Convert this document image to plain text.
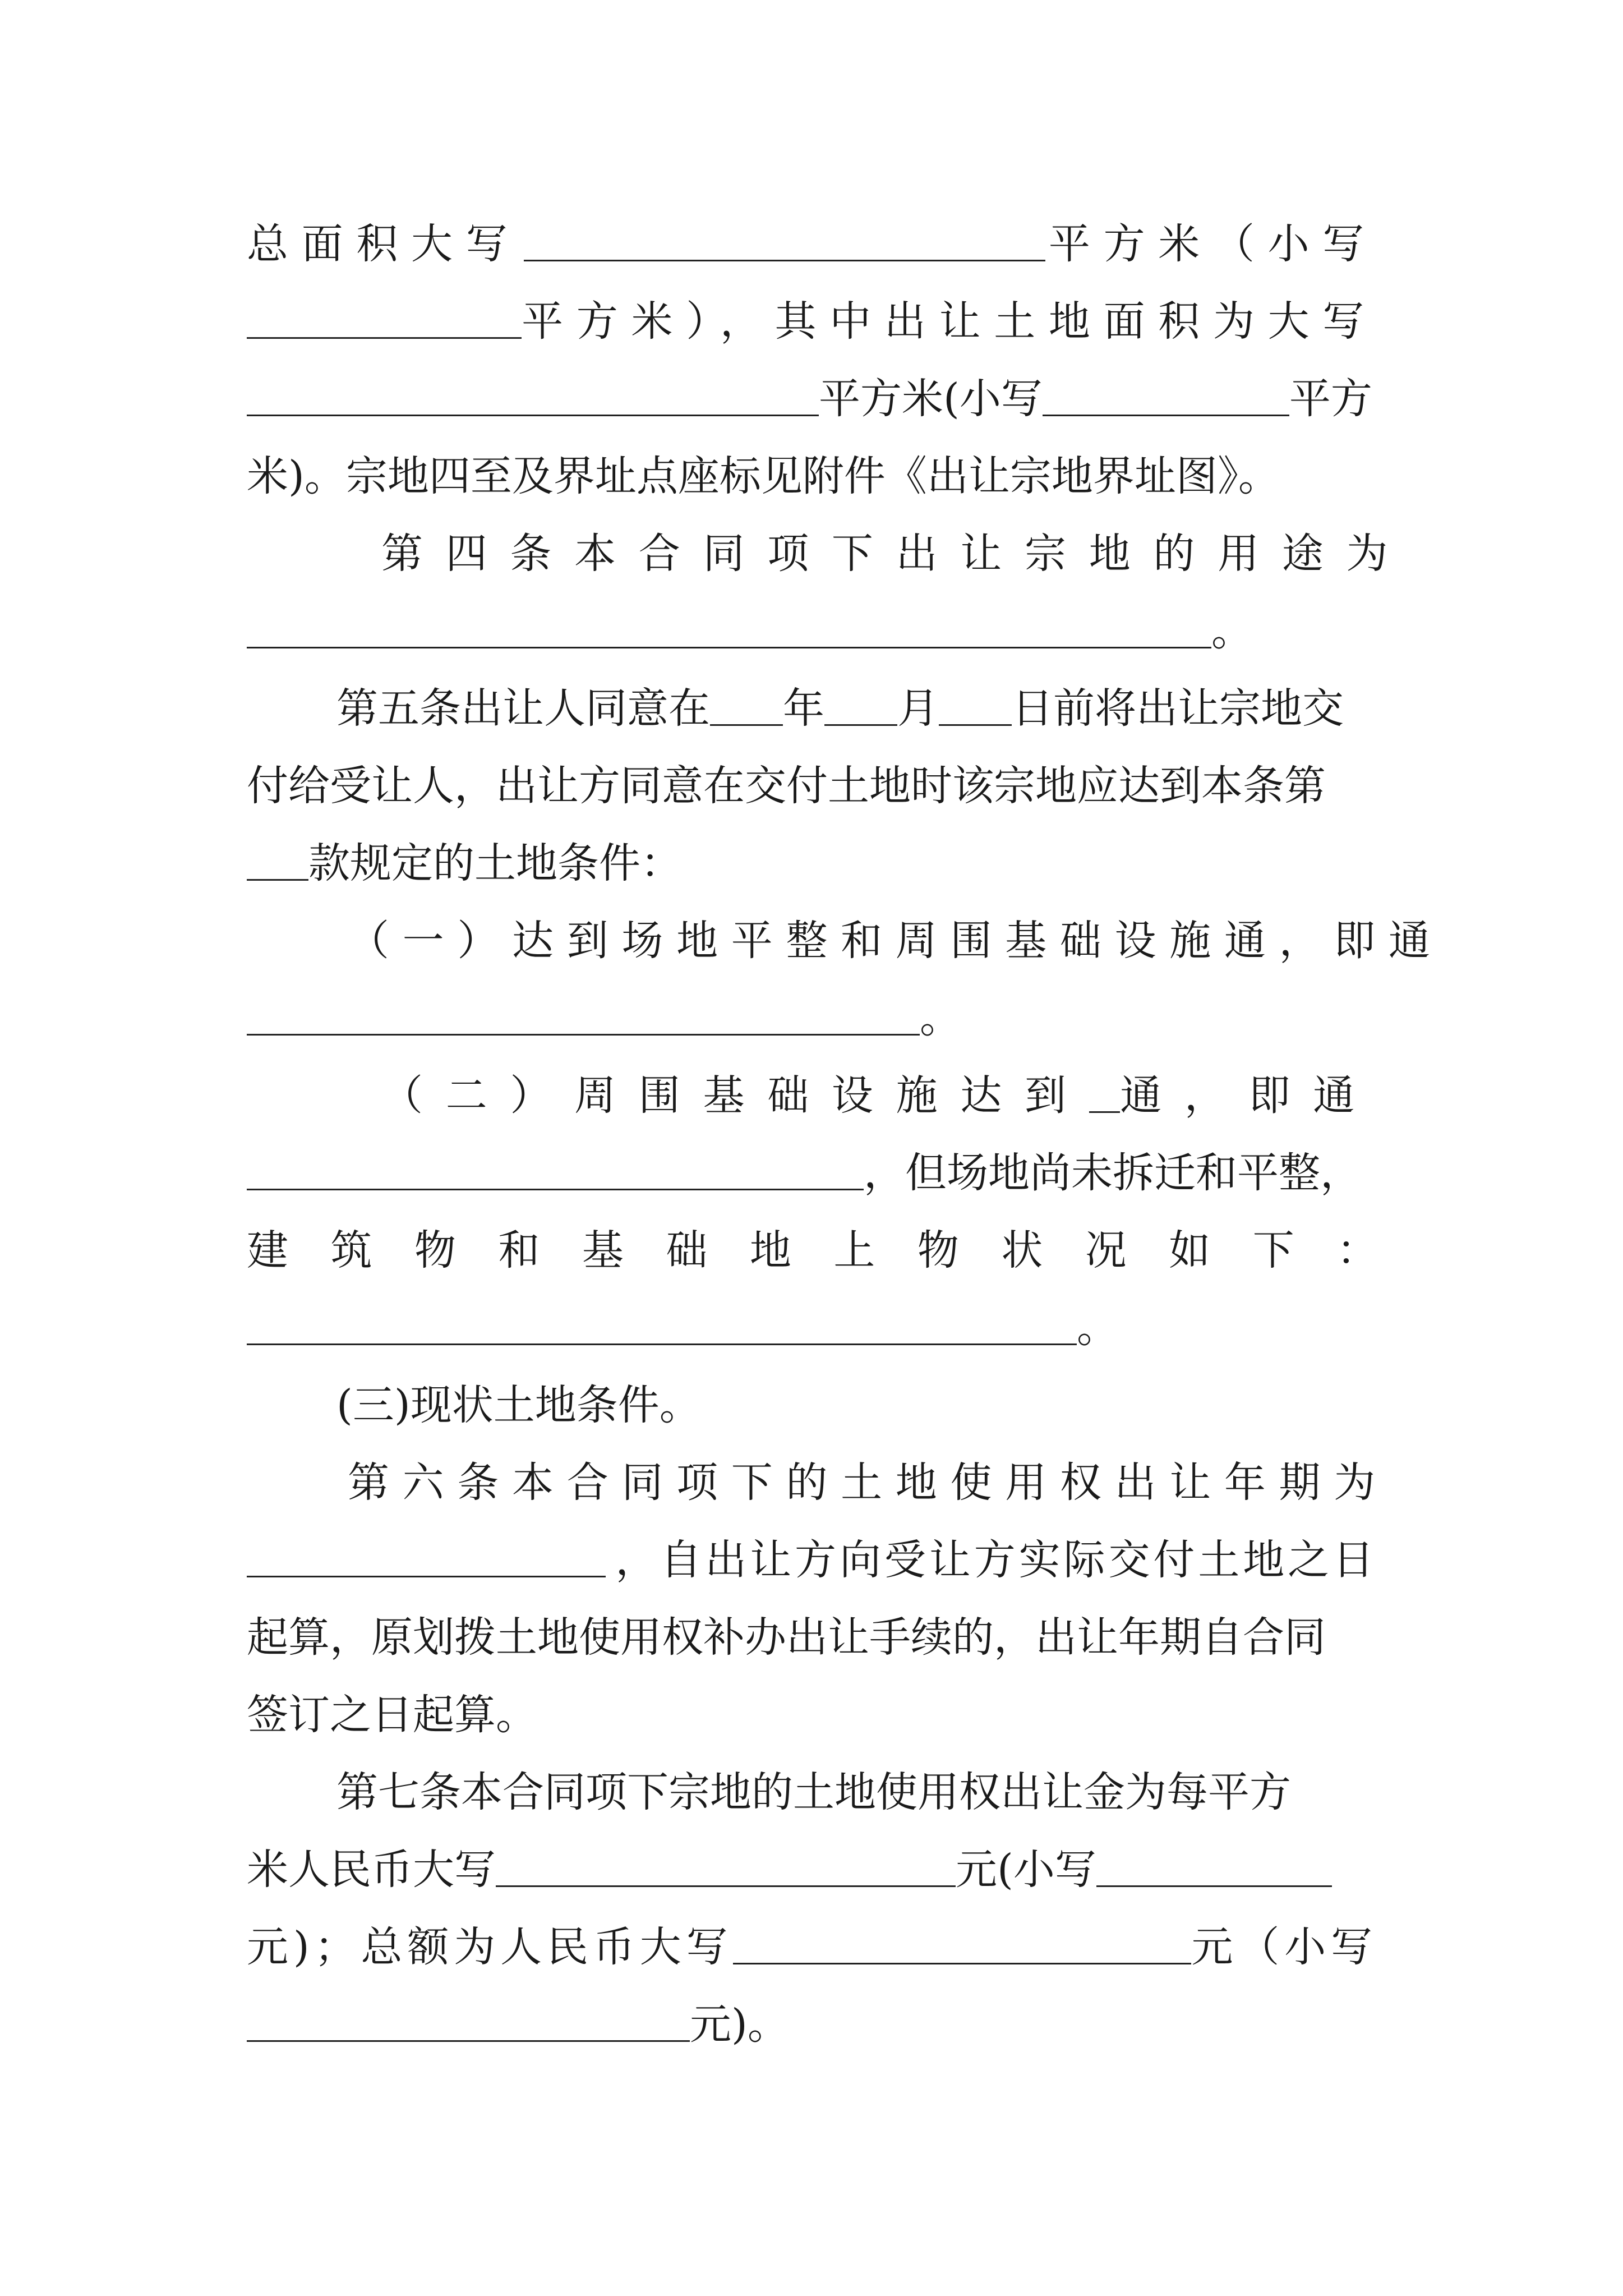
总面积大写	平方米（小写
平方米），其中出让土地面积为大写
平方米(小写	平方
米)。宗地四至及界址点座标见附件《出让宗地界址图》。
第四条本合同项下出让宗地的用途为
。
第五条出让人同意在 年 月 日前将出让宗地交
付给受让人，出让方同意在交付土地时该宗地应达到本条第
款规定的土地条件：
（一）达到场地平整和周围基础设施 通，即通
。
（二）周围基础设施达到 通，即通
，但场地尚未拆迁和平整，
建筑物和基础地上物状况如下：
。
(三)现状土地条件。
第六条本合同项下的土地使用权出让年期为
，自出让方向受让方实际交付土地之日
起算，原划拨土地使用权补办出让手续的，出让年期自合同
签订之日起算。
第七条本合同项下宗地的土地使用权出让金为每平方
米人民币大写	元(小写
元)；总额为人民币大写	元（小写
元)。
